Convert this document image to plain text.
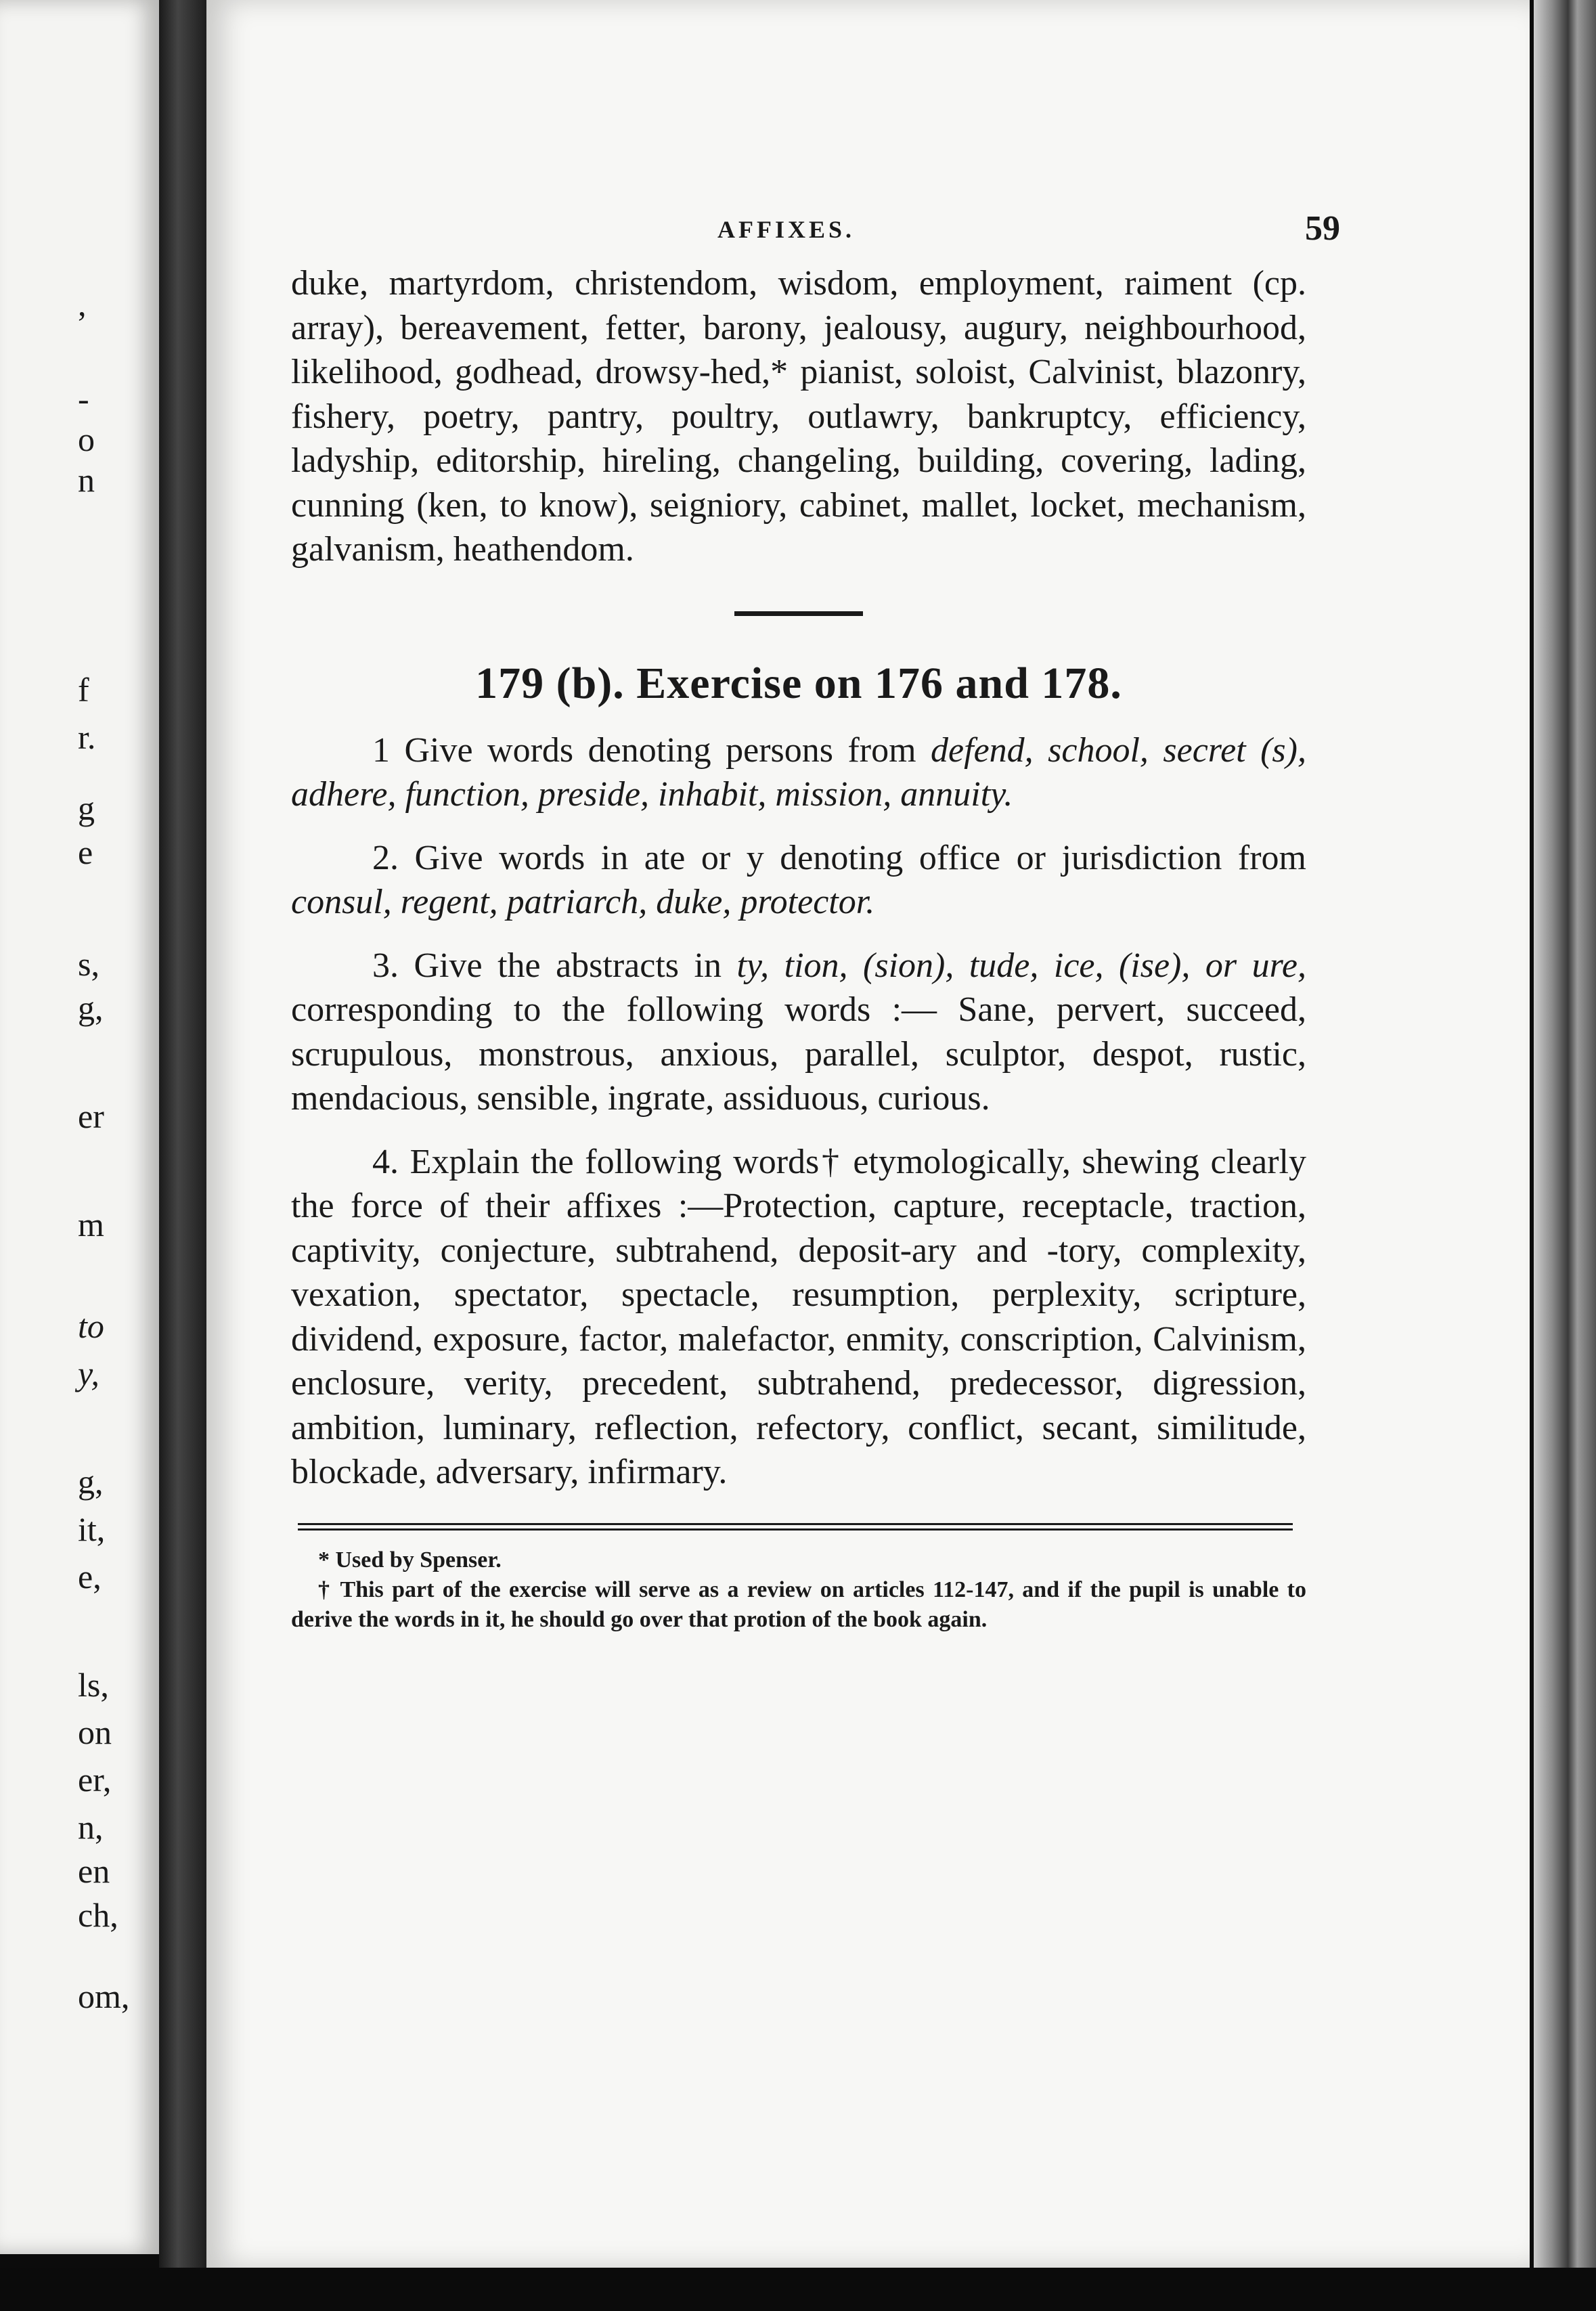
,
-
o
n
f
r.
g
e
s,
g,
er
m
to
y,
g,
it,
e,
ls,
on
er,
n,
en
ch,
om,
AFFIXES.	59

duke, martyrdom, christendom, wisdom, employment, raiment (cp. array), bereavement, fetter, barony, jealousy, augury, neighbourhood, likelihood, godhead, drowsy-hed,* pianist, soloist, Calvinist, blazonry, fishery, poetry, pantry, poultry, outlawry, bankruptcy, efficiency, ladyship, editorship, hireling, changeling, building, covering, lading, cunning (ken, to know), seigniory, cabinet, mallet, locket, mechanism, galvanism, heathendom.

179 (b). Exercise on 176 and 178.

1 Give words denoting persons from defend, school, secret (s), adhere, function, preside, inhabit, mission, annuity.

2. Give words in ate or y denoting office or jurisdiction from consul, regent, patriarch, duke, protector.

3. Give the abstracts in ty, tion, (sion), tude, ice, (ise), or ure, corresponding to the following words :— Sane, pervert, succeed, scrupulous, monstrous, anxious, parallel, sculptor, despot, rustic, mendacious, sensible, ingrate, assiduous, curious.

4. Explain the following words† etymologically, shewing clearly the force of their affixes :—Protection, capture, receptacle, traction, captivity, conjecture, subtrahend, deposit-ary and -tory, complexity, vexation, spectator, spectacle, resumption, perplexity, scripture, dividend, exposure, factor, malefactor, enmity, conscription, Calvinism, enclosure, verity, precedent, subtrahend, predecessor, digression, ambition, luminary, reflection, refectory, conflict, secant, similitude, blockade, adversary, infirmary.

* Used by Spenser.

† This part of the exercise will serve as a review on articles 112-147, and if the pupil is unable to derive the words in it, he should go over that protion of the book again.
